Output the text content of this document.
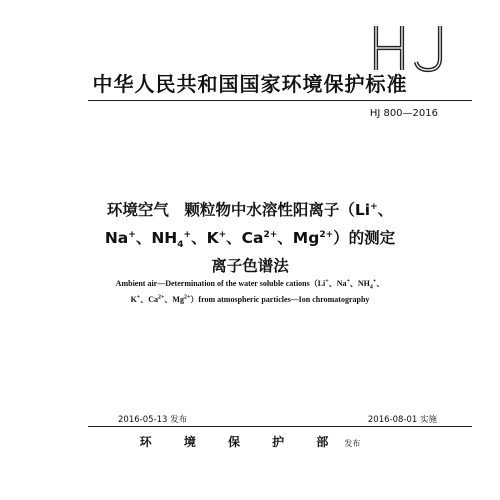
中华人民共和国国家环境保护标准
HJ 800—2016
环境空气　颗粒物中水溶性阳离子（Li+、
Na+、$NH_4^+$、K+、$Ca^{2+}$、$Mg^{2+}$）的测定
离子色谱法
Ambient air—Determination of the water soluble cations（Li+、Na+、$NH_4^+$、
K+、$Ca^{2+}$、$Mg^{2+})from$ atmospheric particles—Ion chromatography
2016-05-13 发布	2016-08-01 实施
环 境 保 护 部 发布
